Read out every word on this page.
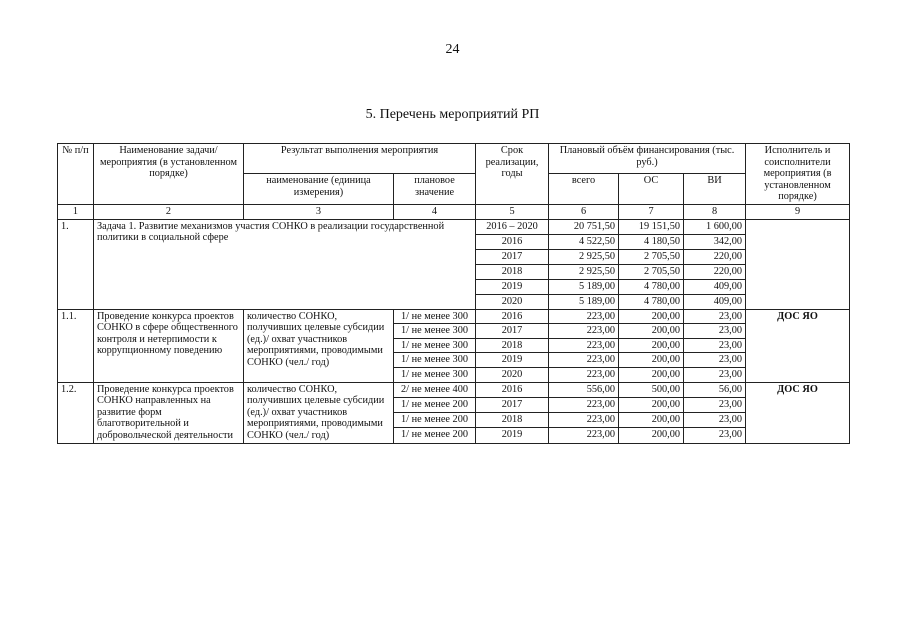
24
5. Перечень мероприятий РП
№ п/п	Наименование задачи/ мероприятия (в установленном порядке)	Результат выполнения мероприятия		Срок реализации, годы	Плановый объём финансирования (тыс. руб.)			Исполнитель и соисполнители мероприятия (в установленном порядке)
		наименование (единица измерения)	плановое значение		всего	ОС	ВИ	
1	2	3	4	5	6	7	8	9
1.	Задача 1. Развитие механизмов участия СОНКО в реализации государственной политики в социальной сфере			2016 – 2020	20 751,50	19 151,50	1 600,00	
				2016	4 522,50	4 180,50	342,00	
				2017	2 925,50	2 705,50	220,00	
				2018	2 925,50	2 705,50	220,00	
				2019	5 189,00	4 780,00	409,00	
				2020	5 189,00	4 780,00	409,00	
1.1.	Проведение конкурса проектов СОНКО в сфере общественного контроля и нетерпимости к коррупционному поведению	количество СОНКО, получивших целевые субсидии (ед.)/ охват участников мероприятиями, проводимыми СОНКО (чел./ год)	1/ не менее 300	2016	223,00	200,00	23,00	ДОС ЯО
			1/ не менее 300	2017	223,00	200,00	23,00	
			1/ не менее 300	2018	223,00	200,00	23,00	
			1/ не менее 300	2019	223,00	200,00	23,00	
			1/ не менее 300	2020	223,00	200,00	23,00	
1.2.	Проведение конкурса проектов СОНКО направленных на развитие форм благотворительной и добровольческой деятельности	количество СОНКО, получивших целевые субсидии (ед.)/ охват участников мероприятиями, проводимыми СОНКО (чел./ год)	2/ не менее 400	2016	556,00	500,00	56,00	ДОС ЯО
			1/ не менее 200	2017	223,00	200,00	23,00	
			1/ не менее 200	2018	223,00	200,00	23,00	
			1/ не менее 200	2019	223,00	200,00	23,00	
